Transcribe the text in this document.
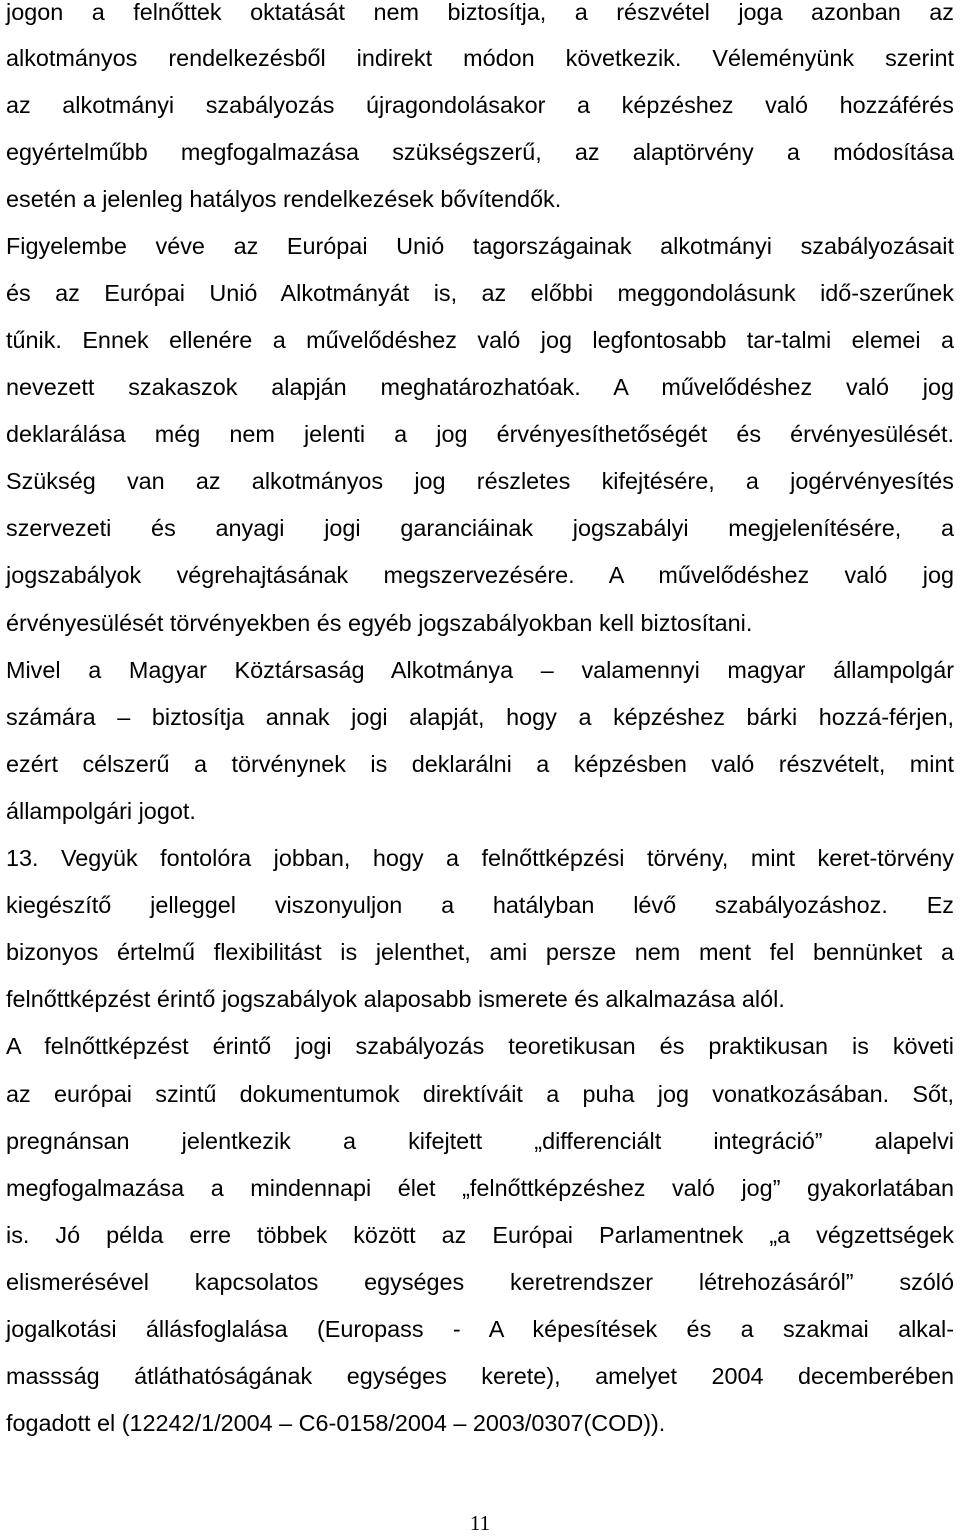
jogon a felnőttek oktatását nem biztosítja, a részvétel joga azonban az
alkotmányos rendelkezésből indirekt módon következik. Véleményünk szerint
az alkotmányi szabályozás újragondolásakor a képzéshez való hozzáférés
egyértelműbb megfogalmazása szükségszerű, az alaptörvény a módosítása
esetén a jelenleg hatályos rendelkezések bővítendők.
Figyelembe véve az Európai Unió tagországainak alkotmányi szabályozásait
és az Európai Unió Alkotmányát is, az előbbi meggondolásunk idő-szerűnek
tűnik. Ennek ellenére a művelődéshez való jog legfontosabb tar-talmi elemei a
nevezett szakaszok alapján meghatározhatóak. A művelődéshez való jog
deklarálása még nem jelenti a jog érvényesíthetőségét és érvényesülését.
Szükség van az alkotmányos jog részletes kifejtésére, a jogérvényesítés
szervezeti és anyagi jogi garanciáinak jogszabályi megjelenítésére, a
jogszabályok végrehajtásának megszervezésére. A művelődéshez való jog
érvényesülését törvényekben és egyéb jogszabályokban kell biztosítani.
Mivel a Magyar Köztársaság Alkotmánya – valamennyi magyar állampolgár
számára – biztosítja annak jogi alapját, hogy a képzéshez bárki hozzá-férjen,
ezért célszerű a törvénynek is deklarálni a képzésben való részvételt, mint
állampolgári jogot.
13. Vegyük fontolóra jobban, hogy a felnőttképzési törvény, mint keret-törvény
kiegészítő jelleggel viszonyuljon a hatályban lévő szabályozáshoz. Ez
bizonyos értelmű flexibilitást is jelenthet, ami persze nem ment fel bennünket a
felnőttképzést érintő jogszabályok alaposabb ismerete és alkalmazása alól.
A felnőttképzést érintő jogi szabályozás teoretikusan és praktikusan is követi
az európai szintű dokumentumok direktíváit a puha jog vonatkozásában. Sőt,
pregnánsan jelentkezik a kifejtett „differenciált integráció” alapelvi
megfogalmazása a mindennapi élet „felnőttképzéshez való jog” gyakorlatában
is. Jó példa erre többek között az Európai Parlamentnek „a végzettségek
elismerésével kapcsolatos egységes keretrendszer létrehozásáról” szóló
jogalkotási állásfoglalása (Europass - A képesítések és a szakmai alkal-
massság átláthatóságának egységes kerete), amelyet 2004 decemberében
fogadott el (12242/1/2004 – C6-0158/2004 – 2003/0307(COD)).
11
